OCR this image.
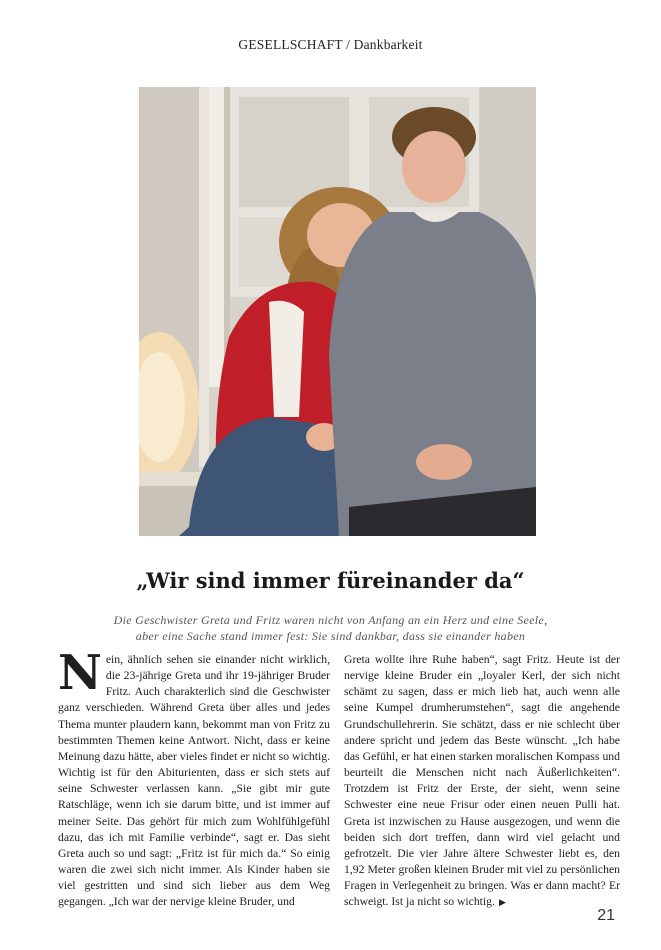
GESELLSCHAFT / Dankbarkeit
„Wir sind immer füreinander da“
Die Geschwister Greta und Fritz waren nicht von Anfang an ein Herz und eine Seele,
aber eine Sache stand immer fest: Sie sind dankbar, dass sie einander haben
Nein, ähnlich sehen sie einander nicht wirklich, die 23-jährige Greta und ihr 19-jähriger Bruder Fritz. Auch charakterlich sind die Geschwister ganz verschieden. Während Greta über alles und jedes Thema munter plaudern kann, bekommt man von Fritz zu bestimmten Themen keine Antwort. Nicht, dass er keine Meinung dazu hätte, aber vieles findet er nicht so wichtig. Wichtig ist für den Abiturienten, dass er sich stets auf seine Schwester verlassen kann. „Sie gibt mir gute Ratschläge, wenn ich sie darum bitte, und ist immer auf meiner Seite. Das gehört für mich zum Wohlfühlgefühl dazu, das ich mit Familie verbinde“, sagt er. Das sieht Greta auch so und sagt: „Fritz ist für mich da.“ So einig waren die zwei sich nicht immer. Als Kinder haben sie viel gestritten und sind sich lieber aus dem Weg gegangen. „Ich war der nervige kleine Bruder, und
Greta wollte ihre Ruhe haben“, sagt Fritz. Heute ist der nervige kleine Bruder ein „loyaler Kerl, der sich nicht schämt zu sagen, dass er mich lieb hat, auch wenn alle seine Kumpel drumherumstehen“, sagt die angehende Grundschullehrerin. Sie schätzt, dass er nie schlecht über andere spricht und jedem das Beste wünscht. „Ich habe das Gefühl, er hat einen starken moralischen Kompass und beurteilt die Menschen nicht nach Äußerlichkeiten“. Trotzdem ist Fritz der Erste, der sieht, wenn seine Schwester eine neue Frisur oder einen neuen Pulli hat. Greta ist inzwischen zu Hause ausgezogen, und wenn die beiden sich dort treffen, dann wird viel gelacht und gefrotzelt. Die vier Jahre ältere Schwester liebt es, den 1,92 Meter großen kleinen Bruder mit viel zu persönlichen Fragen in Verlegenheit zu bringen. Was er dann macht? Er schweigt. Ist ja nicht so wichtig. ▶
21
